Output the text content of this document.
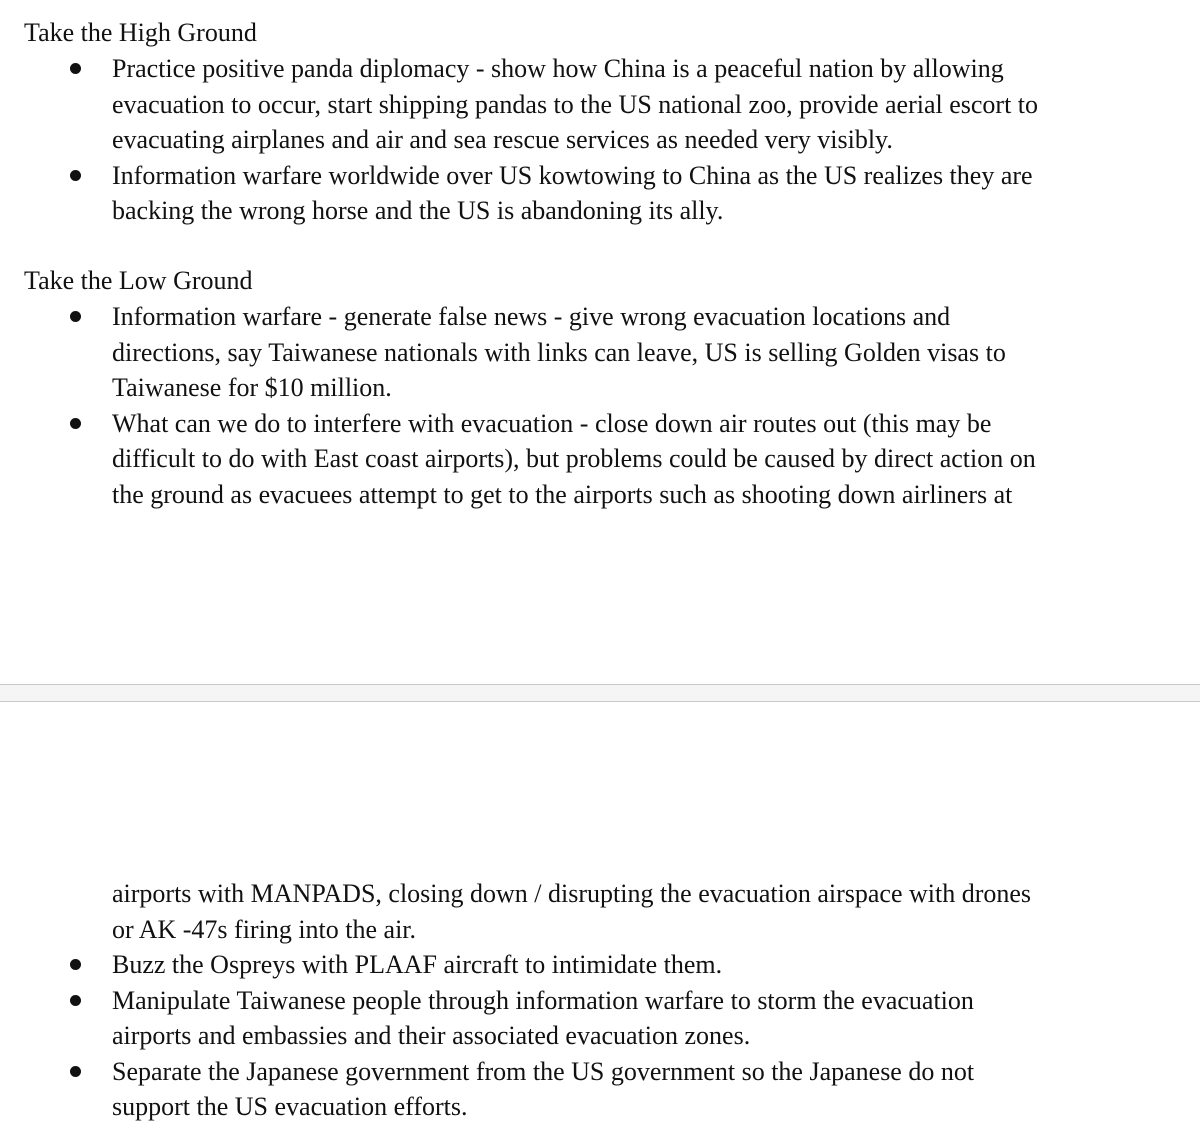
Take the High Ground
Practice positive panda diplomacy - show how China is a peaceful nation by allowing
evacuation to occur, start shipping pandas to the US national zoo, provide aerial escort to
evacuating airplanes and air and sea rescue services as needed very visibly.
Information warfare worldwide over US kowtowing to China as the US realizes they are
backing the wrong horse and the US is abandoning its ally.
Take the Low Ground
Information warfare - generate false news - give wrong evacuation locations and
directions, say Taiwanese nationals with links can leave, US is selling Golden visas to
Taiwanese for $10 million.
What can we do to interfere with evacuation - close down air routes out (this may be
difficult to do with East coast airports), but problems could be caused by direct action on
the ground as evacuees attempt to get to the airports such as shooting down airliners at
airports with MANPADS, closing down / disrupting the evacuation airspace with drones
or AK -47s firing into the air.
Buzz the Ospreys with PLAAF aircraft to intimidate them.
Manipulate Taiwanese people through information warfare to storm the evacuation
airports and embassies and their associated evacuation zones.
Separate the Japanese government from the US government so the Japanese do not
support the US evacuation efforts.
